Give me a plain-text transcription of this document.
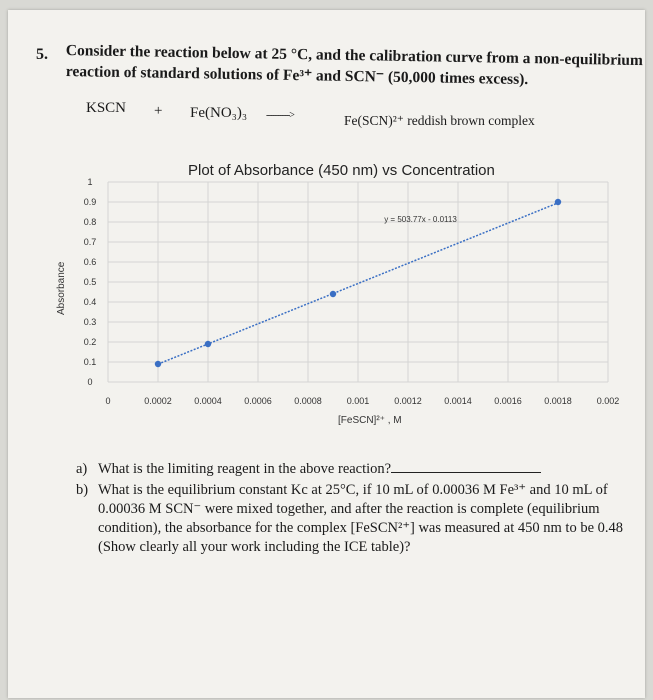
5. Consider the reaction below at 25 °C, and the calibration curve from a non-equilibrium
reaction of standard solutions of Fe³⁺ and SCN⁻ (50,000 times excess).
KSCN + Fe(NO₃)₃ ---------->	Fe(SCN)²⁺ reddish brown complex
Plot of Absorbance (450 nm) vs Concentration
0	0.0002 0.0004 0.0006 0.0008	0.001	0.0012 0.0014 0.0016 0.0018	0.002
0
0.1
0.2
0.3
0.4
0.5
0.6
0.7
0.8
0.9
1
y = 503.77x - 0.0113
Absorbance
[FeSCN]²⁺ , M
a) What is the limiting reagent in the above reaction?
b) What is the equilibrium constant Kc at 25°C, if 10 mL of 0.00036 M Fe³⁺ and 10 mL of 0.00036 M SCN⁻ were mixed together, and after the reaction is complete (equilibrium condition), the absorbance for the complex [FeSCN²⁺] was measured at 450 nm to be 0.48 (Show clearly all your work including the ICE table)?
